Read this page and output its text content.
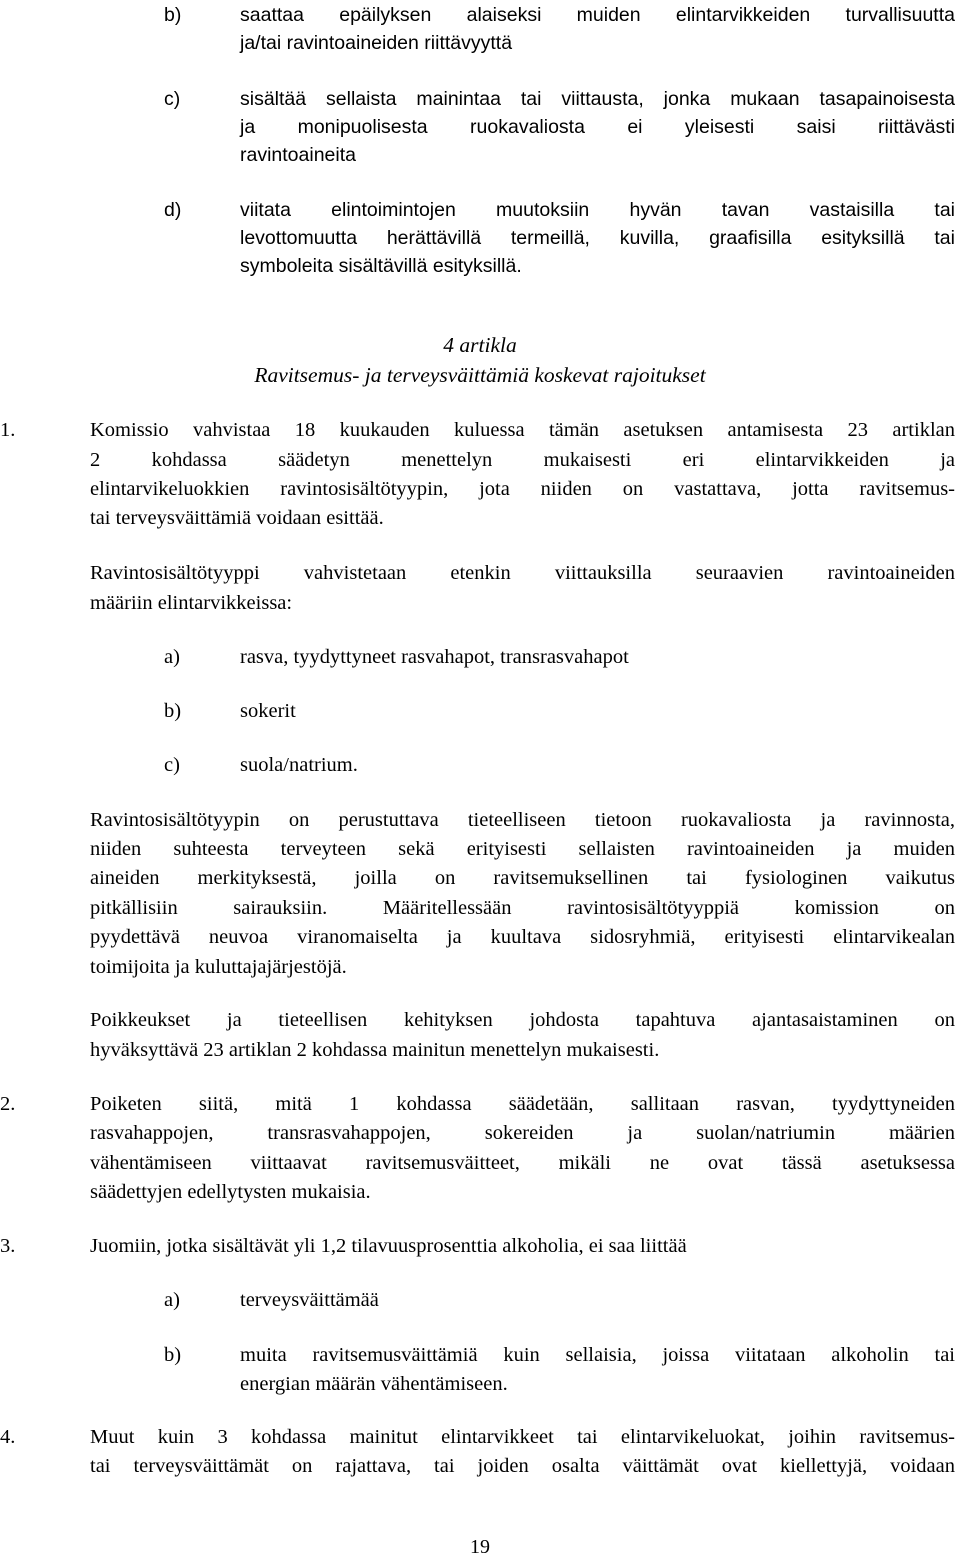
b)	saattaa epäilyksen alaiseksi muiden elintarvikkeiden turvallisuutta
ja/tai ravintoaineiden riittävyyttä
c)	sisältää sellaista mainintaa tai viittausta, jonka mukaan tasapainoisesta
ja monipuolisesta ruokavaliosta ei yleisesti saisi riittävästi
ravintoaineita
d)	viitata elintoimintojen muutoksiin hyvän tavan vastaisilla tai
levottomuutta herättävillä termeillä, kuvilla, graafisilla esityksillä tai
symboleita sisältävillä esityksillä.
4 artikla
Ravitsemus- ja terveysväittämiä koskevat rajoitukset
1.	Komissio vahvistaa 18 kuukauden kuluessa tämän asetuksen antamisesta 23 artiklan
2 kohdassa säädetyn menettelyn mukaisesti eri elintarvikkeiden ja
elintarvikeluokkien ravintosisältötyypin, jota niiden on vastattava, jotta ravitsemus-
tai terveysväittämiä voidaan esittää.
Ravintosisältötyyppi vahvistetaan etenkin viittauksilla seuraavien ravintoaineiden
määriin elintarvikkeissa:
a)	rasva, tyydyttyneet rasvahapot, transrasvahapot
b)	sokerit
c)	suola/natrium.
Ravintosisältötyypin on perustuttava tieteelliseen tietoon ruokavaliosta ja ravinnosta,
niiden suhteesta terveyteen sekä erityisesti sellaisten ravintoaineiden ja muiden
aineiden merkityksestä, joilla on ravitsemuksellinen tai fysiologinen vaikutus
pitkällisiin sairauksiin. Määritellessään ravintosisältötyyppiä komission on
pyydettävä neuvoa viranomaiselta ja kuultava sidosryhmiä, erityisesti elintarvikealan
toimijoita ja kuluttajajärjestöjä.
Poikkeukset ja tieteellisen kehityksen johdosta tapahtuva ajantasaistaminen on
hyväksyttävä 23 artiklan 2 kohdassa mainitun menettelyn mukaisesti.
2.	Poiketen siitä, mitä 1 kohdassa säädetään, sallitaan rasvan, tyydyttyneiden
rasvahappojen, transrasvahappojen, sokereiden ja suolan/natriumin määrien
vähentämiseen viittaavat ravitsemusväitteet, mikäli ne ovat tässä asetuksessa
säädettyjen edellytysten mukaisia.
3.	Juomiin, jotka sisältävät yli 1,2 tilavuusprosenttia alkoholia, ei saa liittää
a)	terveysväittämää
b)	muita ravitsemusväittämiä kuin sellaisia, joissa viitataan alkoholin tai
energian määrän vähentämiseen.
4.	Muut kuin 3 kohdassa mainitut elintarvikkeet tai elintarvikeluokat, joihin ravitsemus-
tai terveysväittämät on rajattava, tai joiden osalta väittämät ovat kiellettyjä, voidaan
19
